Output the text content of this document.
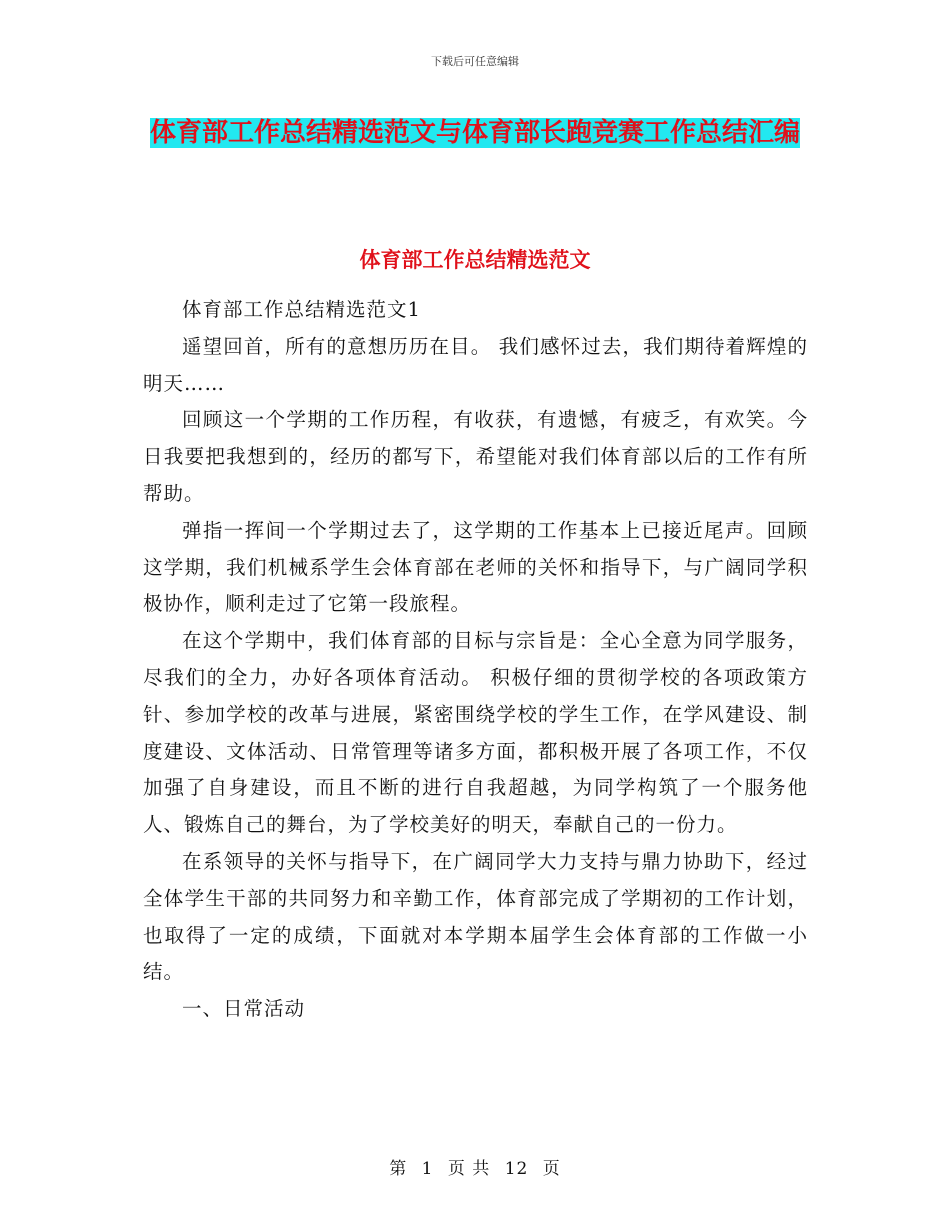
下载后可任意编辑
体育部工作总结精选范文与体育部长跑竞赛工作总结汇编
体育部工作总结精选范文

体育部工作总结精选范文1

遥望回首，所有的意想历历在目。 我们感怀过去，我们期待着辉煌的明天……

回顾这一个学期的工作历程，有收获，有遗憾，有疲乏，有欢笑。今日我要把我想到的，经历的都写下，希望能对我们体育部以后的工作有所帮助。

弹指一挥间一个学期过去了，这学期的工作基本上已接近尾声。回顾这学期，我们机械系学生会体育部在老师的关怀和指导下，与广阔同学积极协作，顺利走过了它第一段旅程。

在这个学期中，我们体育部的目标与宗旨是：全心全意为同学服务，尽我们的全力，办好各项体育活动。 积极仔细的贯彻学校的各项政策方针、参加学校的改革与进展，紧密围绕学校的学生工作，在学风建设、制度建设、文体活动、日常管理等诸多方面，都积极开展了各项工作，不仅加强了自身建设，而且不断的进行自我超越，为同学构筑了一个服务他人、锻炼自己的舞台，为了学校美好的明天，奉献自己的一份力。

在系领导的关怀与指导下，在广阔同学大力支持与鼎力协助下，经过全体学生干部的共同努力和辛勤工作，体育部完成了学期初的工作计划，也取得了一定的成绩，下面就对本学期本届学生会体育部的工作做一小结。

一、日常活动

第 1 页 共 12 页
